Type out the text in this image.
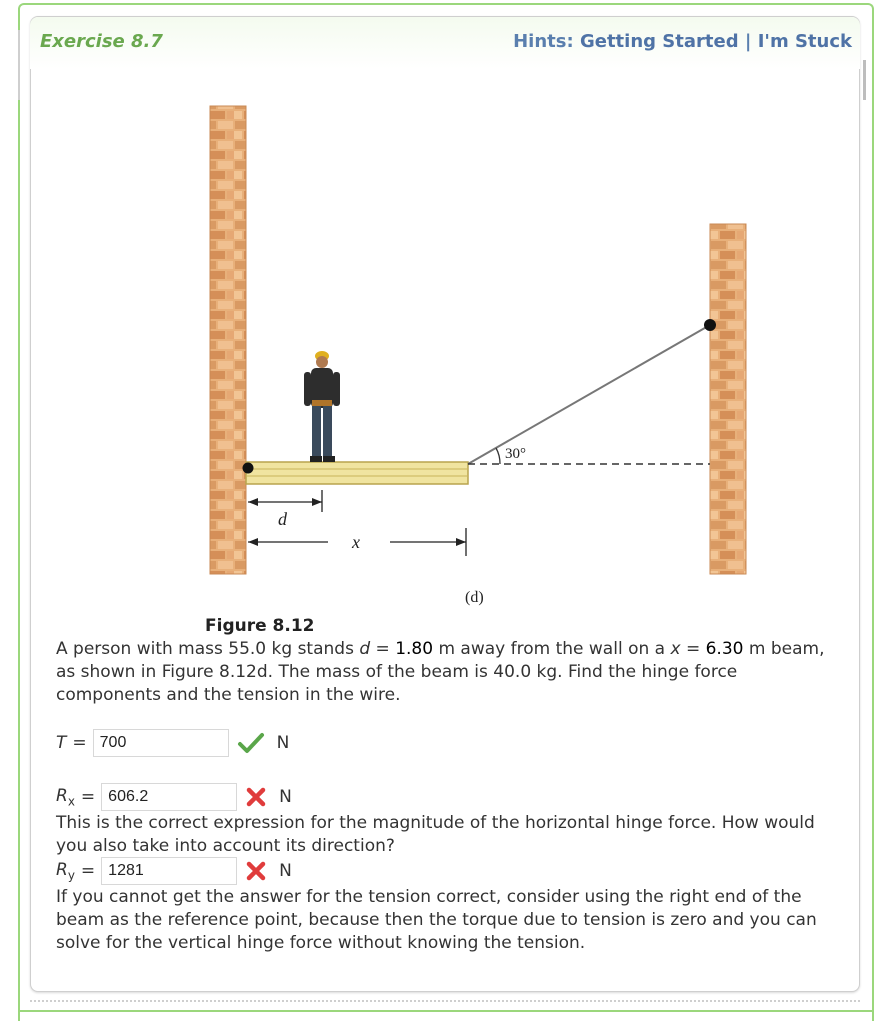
Exercise 8.7	Hints: Getting Started | I'm Stuck
30°
d
x
(d)
Figure 8.12
A person with mass 55.0 kg stands d = 1.80 m away from the wall on a x = 6.30 m beam, as shown in Figure 8.12d. The mass of the beam is 40.0 kg. Find the hinge force components and the tension in the wire.
T =
700	N
$R_x$ =
606.2	N
This is the correct expression for the magnitude of the horizontal hinge force. How would you also take into account its direction?
$R_y$ =
1281	N
If you cannot get the answer for the tension correct, consider using the right end of the beam as the reference point, because then the torque due to tension is zero and you can solve for the vertical hinge force without knowing the tension.
